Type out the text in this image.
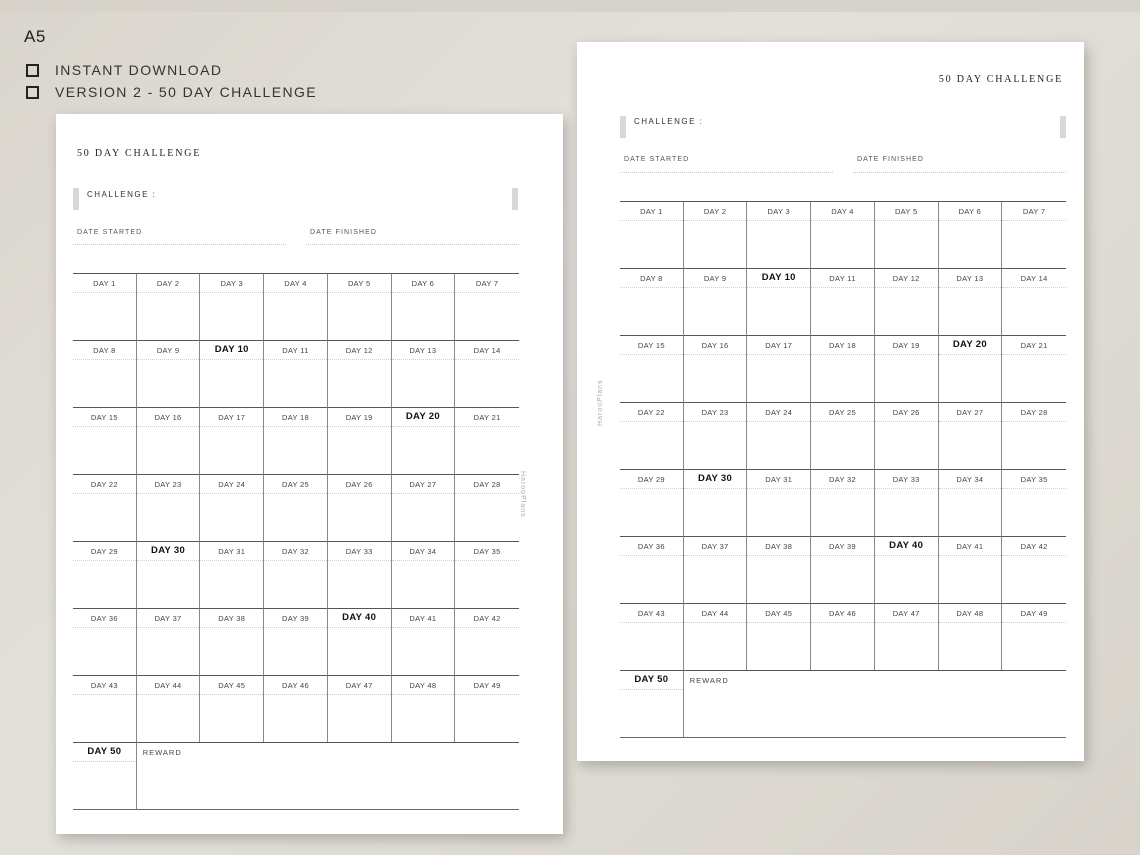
A5
INSTANT DOWNLOAD
VERSION 2 - 50 DAY CHALLENGE
50 DAY CHALLENGE
CHALLENGE :
DATE STARTED	DATE FINISHED
HarooPlans
DAY 1	DAY 2	DAY 3	DAY 4	DAY 5	DAY 6	DAY 7
DAY 8	DAY 9	DAY 10	DAY 11	DAY 12	DAY 13	DAY 14
DAY 15	DAY 16	DAY 17	DAY 18	DAY 19	DAY 20	DAY 21
DAY 22	DAY 23	DAY 24	DAY 25	DAY 26	DAY 27	DAY 28
DAY 29	DAY 30	DAY 31	DAY 32	DAY 33	DAY 34	DAY 35
DAY 36	DAY 37	DAY 38	DAY 39	DAY 40	DAY 41	DAY 42
DAY 43	DAY 44	DAY 45	DAY 46	DAY 47	DAY 48	DAY 49
DAY 50	REWARD
50 DAY CHALLENGE
CHALLENGE :
DATE STARTED	DATE FINISHED
HarooPlans
DAY 1	DAY 2	DAY 3	DAY 4	DAY 5	DAY 6	DAY 7
DAY 8	DAY 9	DAY 10	DAY 11	DAY 12	DAY 13	DAY 14
DAY 15	DAY 16	DAY 17	DAY 18	DAY 19	DAY 20	DAY 21
DAY 22	DAY 23	DAY 24	DAY 25	DAY 26	DAY 27	DAY 28
DAY 29	DAY 30	DAY 31	DAY 32	DAY 33	DAY 34	DAY 35
DAY 36	DAY 37	DAY 38	DAY 39	DAY 40	DAY 41	DAY 42
DAY 43	DAY 44	DAY 45	DAY 46	DAY 47	DAY 48	DAY 49
DAY 50	REWARD
